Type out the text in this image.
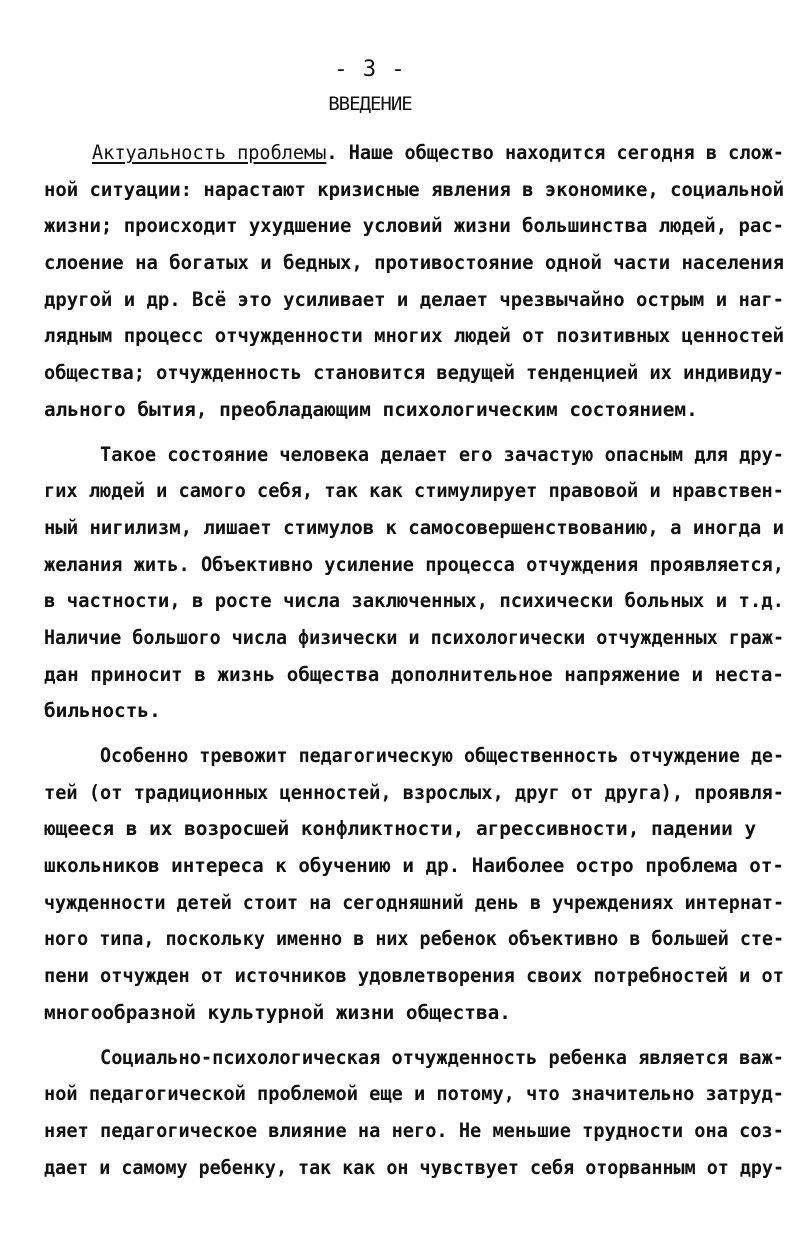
- 3 -
ВВЕДЕНИЕ
Актуальность проблемы. Наше общество находится сегодня в слож-
ной ситуации: нарастают кризисные явления в экономике, социальной
жизни; происходит ухудшение условий жизни большинства людей, рас-
слоение на богатых и бедных, противостояние одной части населения
другой и др. Всё это усиливает и делает чрезвычайно острым и наг-
лядным процесс отчужденности многих людей от позитивных ценностей
общества; отчужденность становится ведущей тенденцией их индивиду-
ального бытия, преобладающим психологическим состоянием.
Такое состояние человека делает его зачастую опасным для дру-
гих людей и самого себя, так как стимулирует правовой и нравствен-
ный нигилизм, лишает стимулов к самосовершенствованию, а иногда и
желания жить. Объективно усиление процесса отчуждения проявляется,
в частности, в росте числа заключенных, психически больных и т.д.
Наличие большого числа физически и психологически отчужденных граж-
дан приносит в жизнь общества дополнительное напряжение и неста-
бильность.
Особенно тревожит педагогическую общественность отчуждение де-
тей (от традиционных ценностей, взрослых, друг от друга), проявля-
ющееся в их возросшей конфликтности, агрессивности, падении у
школьников интереса к обучению и др. Наиболее остро проблема от-
чужденности детей стоит на сегодняшний день в учреждениях интернат-
ного типа, поскольку именно в них ребенок объективно в большей сте-
пени отчужден от источников удовлетворения своих потребностей и от
многообразной культурной жизни общества.
Социально-психологическая отчужденность ребенка является важ-
ной педагогической проблемой еще и потому, что значительно затруд-
няет педагогическое влияние на него. Не меньшие трудности она соз-
дает и самому ребенку, так как он чувствует себя оторванным от дру-
